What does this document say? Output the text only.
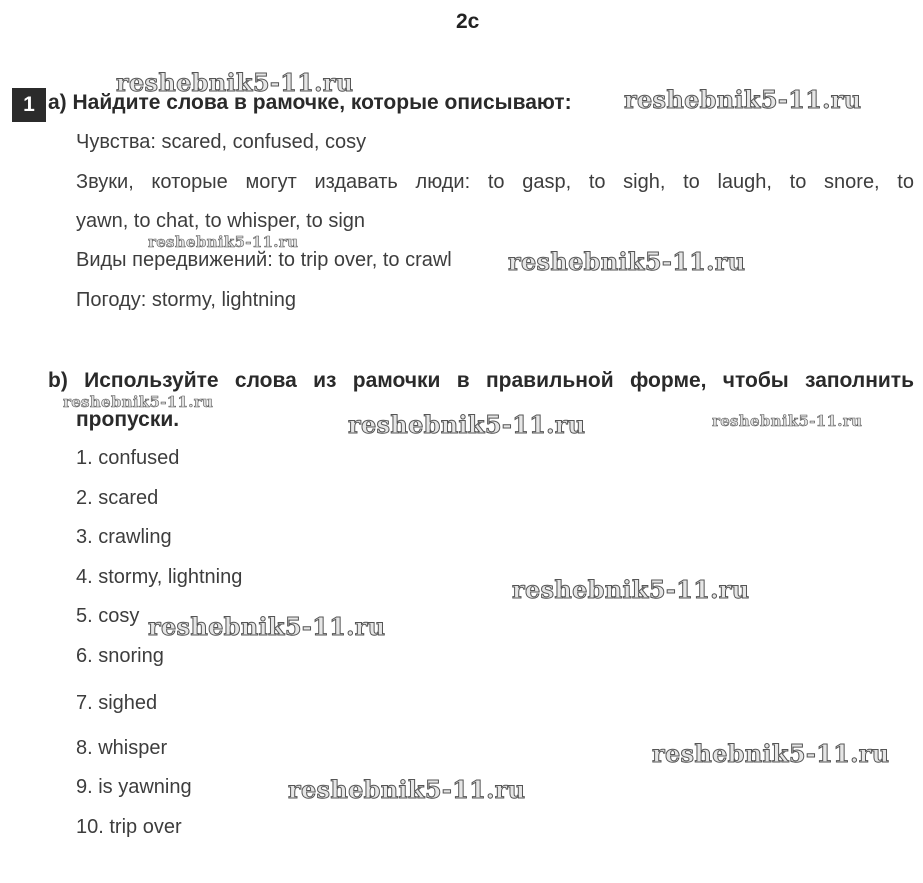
2c
1 a) Найдите слова в рамочке, которые описывают:
Чувства: scared, confused, cosy
Звуки, которые могут издавать люди: to gasp, to sigh, to laugh, to snore, to
yawn, to chat, to whisper, to sign
Виды передвижений: to trip over, to crawl
Погоду: stormy, lightning
b) Используйте слова из рамочки в правильной форме, чтобы заполнить
пропуски.
1. confused
2. scared
3. crawling
4. stormy, lightning
5. cosy
6. snoring
7. sighed
8. whisper
9. is yawning
10. trip over
reshebnik5-11.ru
reshebnik5-11.ru
reshebnik5-11.ru
reshebnik5-11.ru
reshebnik5-11.ru
reshebnik5-11.ru	reshebnik5-11.ru
reshebnik5-11.ru
reshebnik5-11.ru
reshebnik5-11.ru
reshebnik5-11.ru
